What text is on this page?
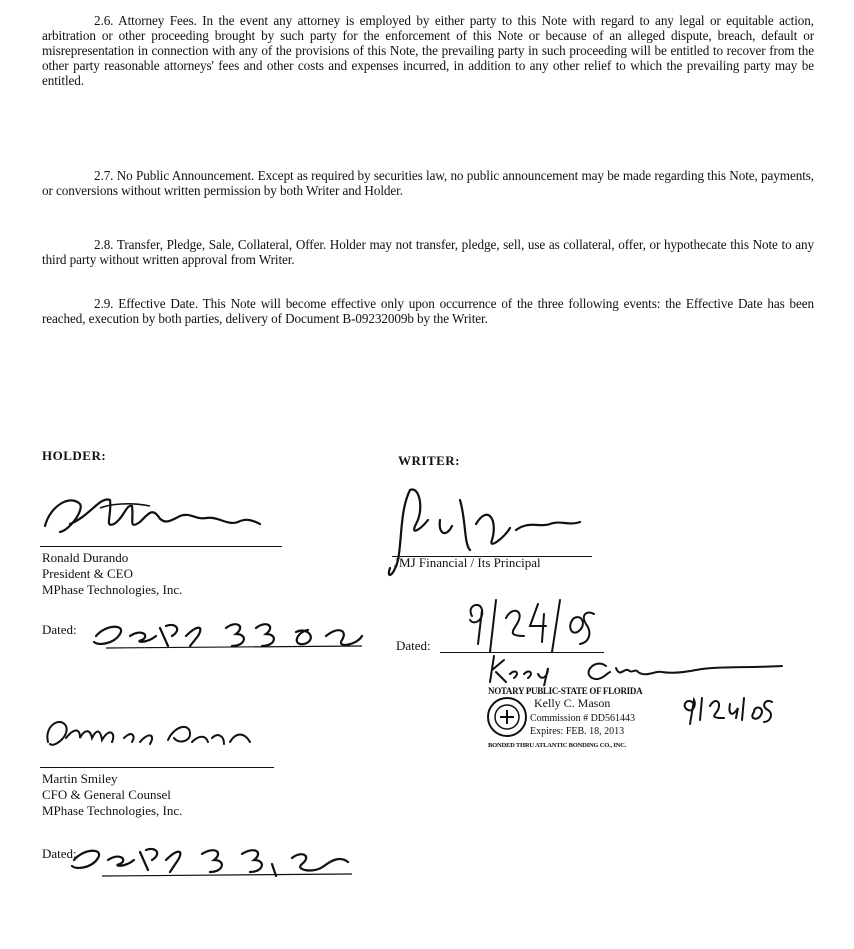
2.6. Attorney Fees. In the event any attorney is employed by either party to this Note with regard to any legal or equitable action, arbitration or other proceeding brought by such party for the enforcement of this Note or because of an alleged dispute, breach, default or misrepresentation in connection with any of the provisions of this Note, the prevailing party in such proceeding will be entitled to recover from the other party reasonable attorneys' fees and other costs and expenses incurred, in addition to any other relief to which the prevailing party may be entitled.
2.7. No Public Announcement. Except as required by securities law, no public announcement may be made regarding this Note, payments, or conversions without written permission by both Writer and Holder.
2.8. Transfer, Pledge, Sale, Collateral, Offer. Holder may not transfer, pledge, sell, use as collateral, offer, or hypothecate this Note to any third party without written approval from Writer.
2.9. Effective Date. This Note will become effective only upon occurrence of the three following events: the Effective Date has been reached, execution by both parties, delivery of Document B-09232009b by the Writer.
HOLDER:	WRITER:
Ronald Durando
President & CEO
MPhase Technologies, Inc.
Dated:
Martin Smiley
CFO & General Counsel
MPhase Technologies, Inc.
Dated:
JMJ Financial / Its Principal
Dated:
NOTARY PUBLIC-STATE OF FLORIDA
Kelly C. Mason
Commission # DD561443
Expires: FEB. 18, 2013
BONDED THRU ATLANTIC BONDING CO., INC.
